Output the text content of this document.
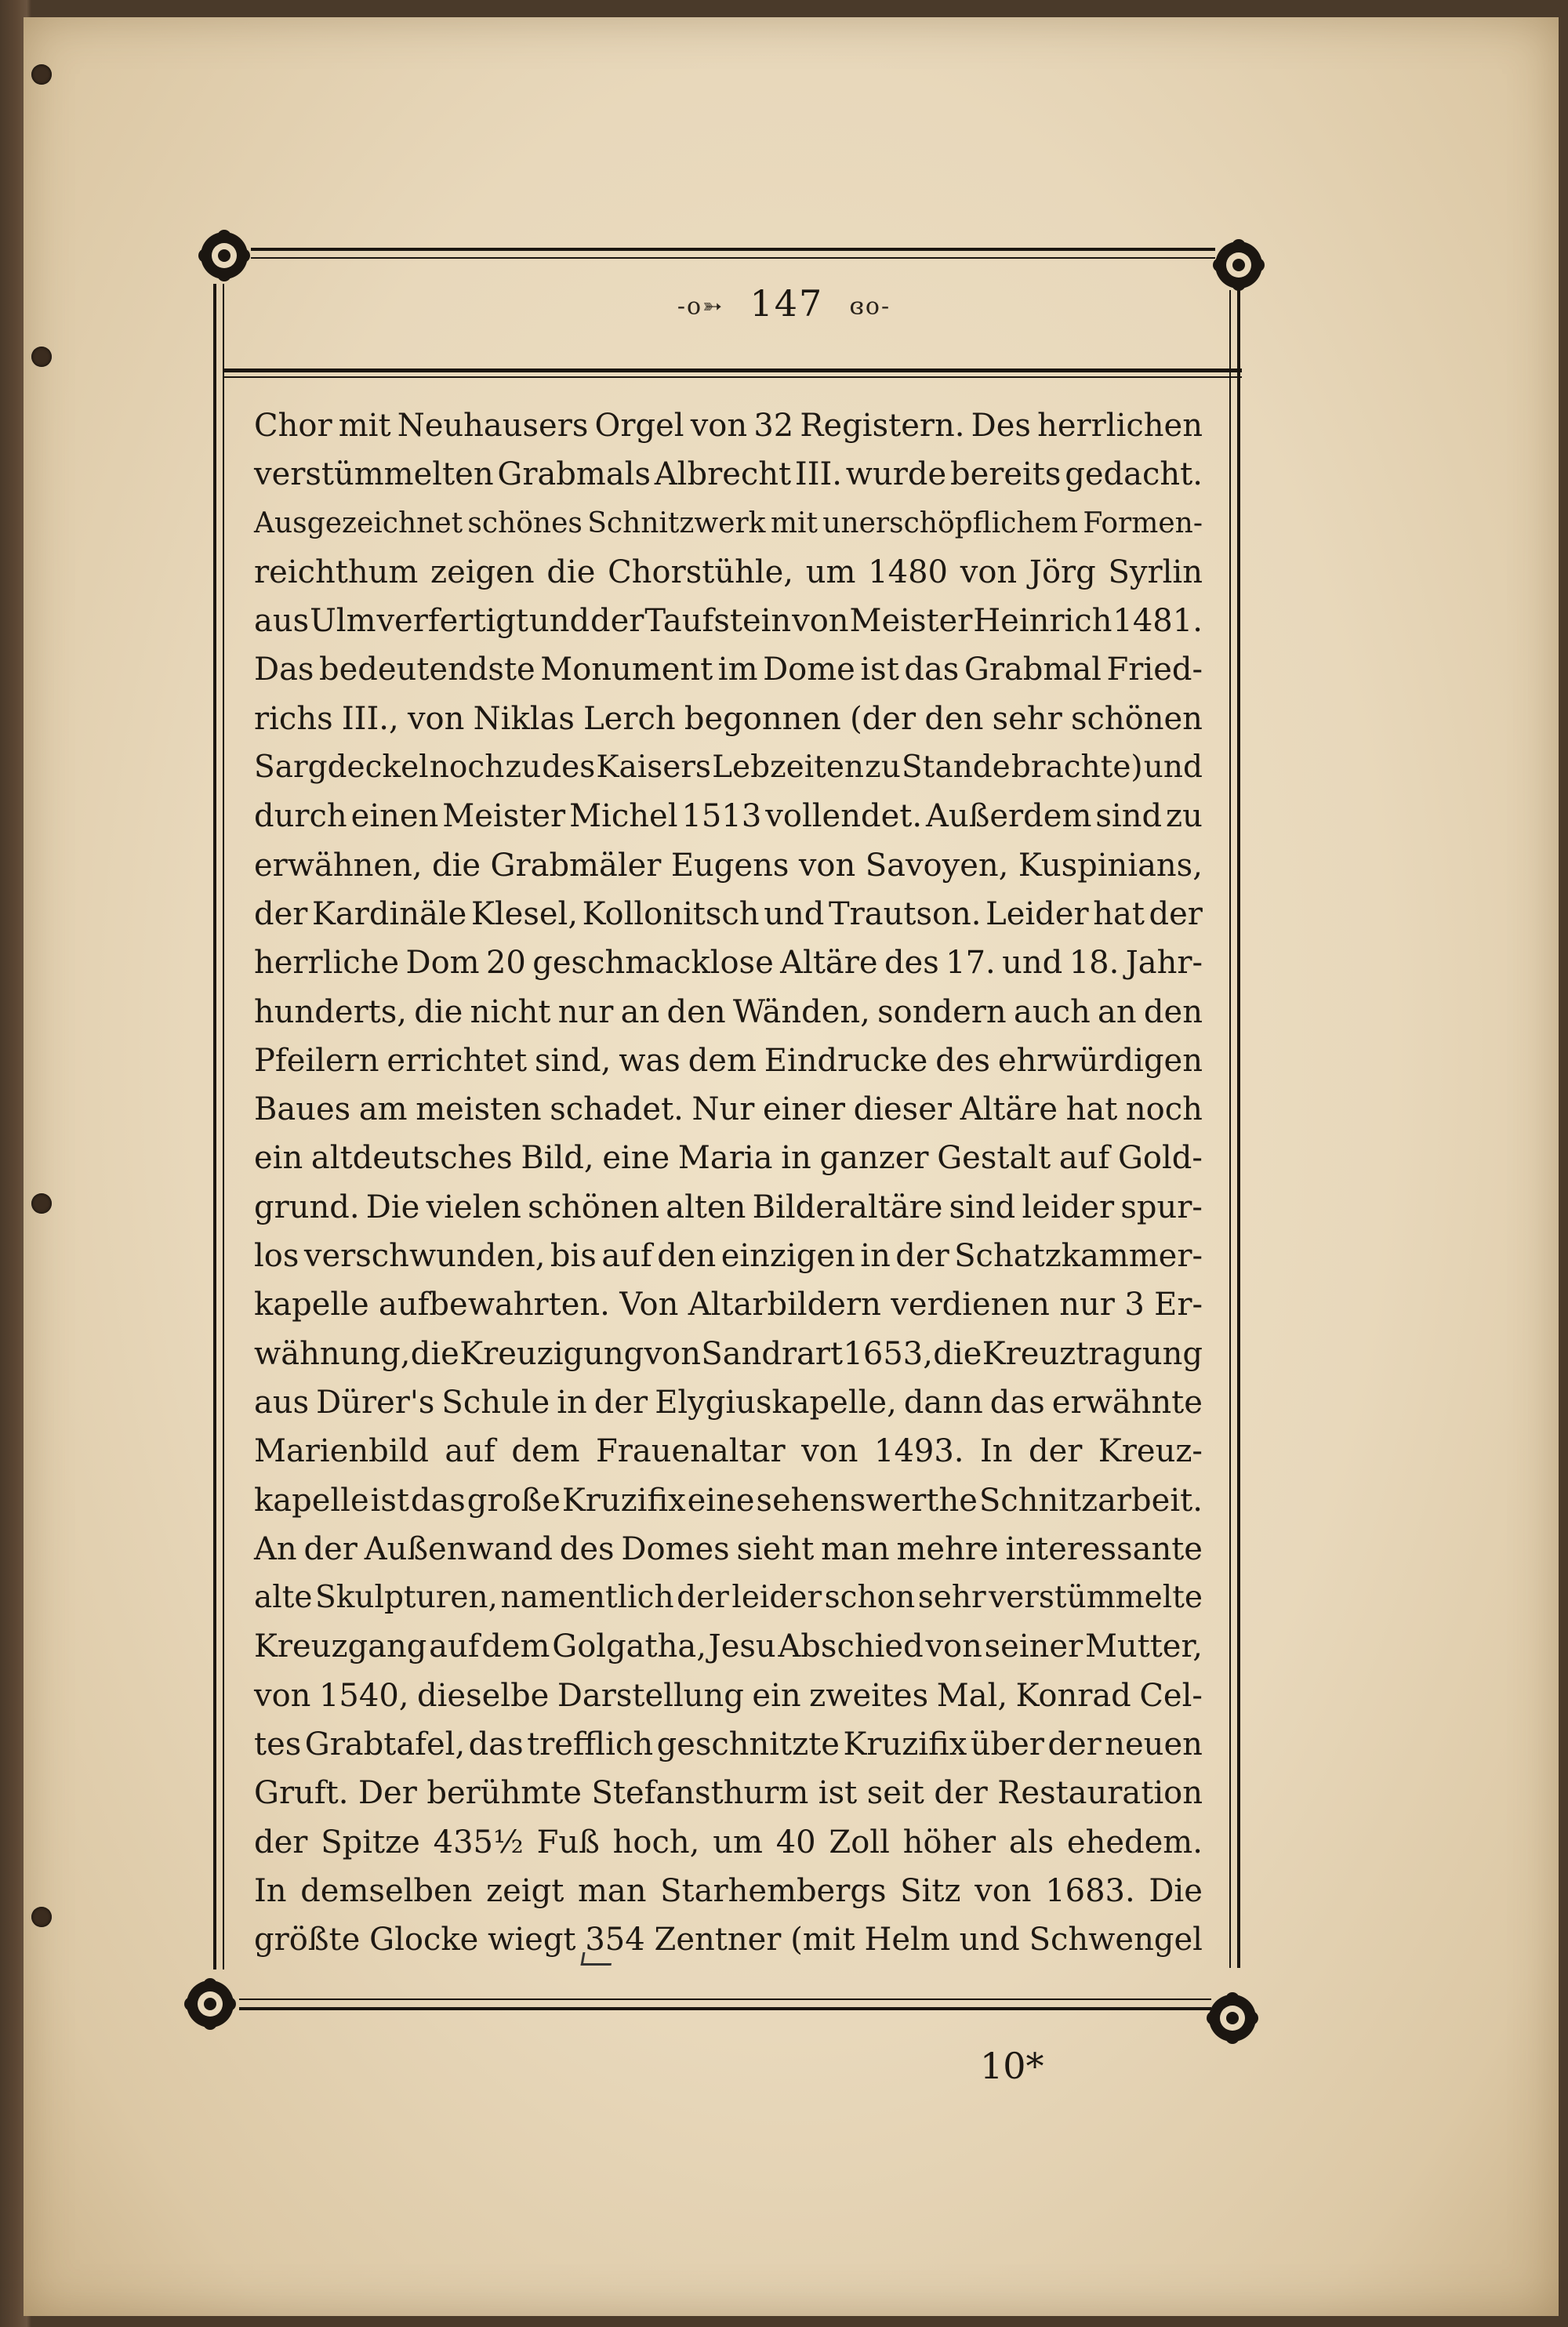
-o➳ 147 ɞo-
Chor mit Neuhausers Orgel von 32 Registern. Des herrlichen
verstümmelten Grabmals Albrecht III. wurde bereits gedacht.
Ausgezeichnet schönes Schnitzwerk mit unerschöpflichem Formen-
reichthum zeigen die Chorstühle, um 1480 von Jörg Syrlin
aus Ulm verfertigt und der Taufstein von Meister Heinrich 1481.
Das bedeutendste Monument im Dome ist das Grabmal Fried-
richs III., von Niklas Lerch begonnen (der den sehr schönen
Sargdeckel noch zu des Kaisers Lebzeiten zu Stande brachte) und
durch einen Meister Michel 1513 vollendet. Außerdem sind zu
erwähnen, die Grabmäler Eugens von Savoyen, Kuspinians,
der Kardinäle Klesel, Kollonitsch und Trautson. Leider hat der
herrliche Dom 20 geschmacklose Altäre des 17. und 18. Jahr-
hunderts, die nicht nur an den Wänden, sondern auch an den
Pfeilern errichtet sind, was dem Eindrucke des ehrwürdigen
Baues am meisten schadet. Nur einer dieser Altäre hat noch
ein altdeutsches Bild, eine Maria in ganzer Gestalt auf Gold-
grund. Die vielen schönen alten Bilderaltäre sind leider spur-
los verschwunden, bis auf den einzigen in der Schatzkammer-
kapelle aufbewahrten. Von Altarbildern verdienen nur 3 Er-
wähnung, die Kreuzigung von Sandrart 1653, die Kreuztragung
aus Dürer's Schule in der Elygiuskapelle, dann das erwähnte
Marienbild auf dem Frauenaltar von 1493. In der Kreuz-
kapelle ist das große Kruzifix eine sehenswerthe Schnitzarbeit.
An der Außenwand des Domes sieht man mehre interessante
alte Skulpturen, namentlich der leider schon sehr verstümmelte
Kreuzgang auf dem Golgatha, Jesu Abschied von seiner Mutter,
von 1540, dieselbe Darstellung ein zweites Mal, Konrad Cel-
tes Grabtafel, das trefflich geschnitzte Kruzifix über der neuen
Gruft. Der berühmte Stefansthurm ist seit der Restauration
der Spitze 435½ Fuß hoch, um 40 Zoll höher als ehedem.
In demselben zeigt man Starhembergs Sitz von 1683. Die
größte Glocke wiegt 354 Zentner (mit Helm und Schwengel
10*
